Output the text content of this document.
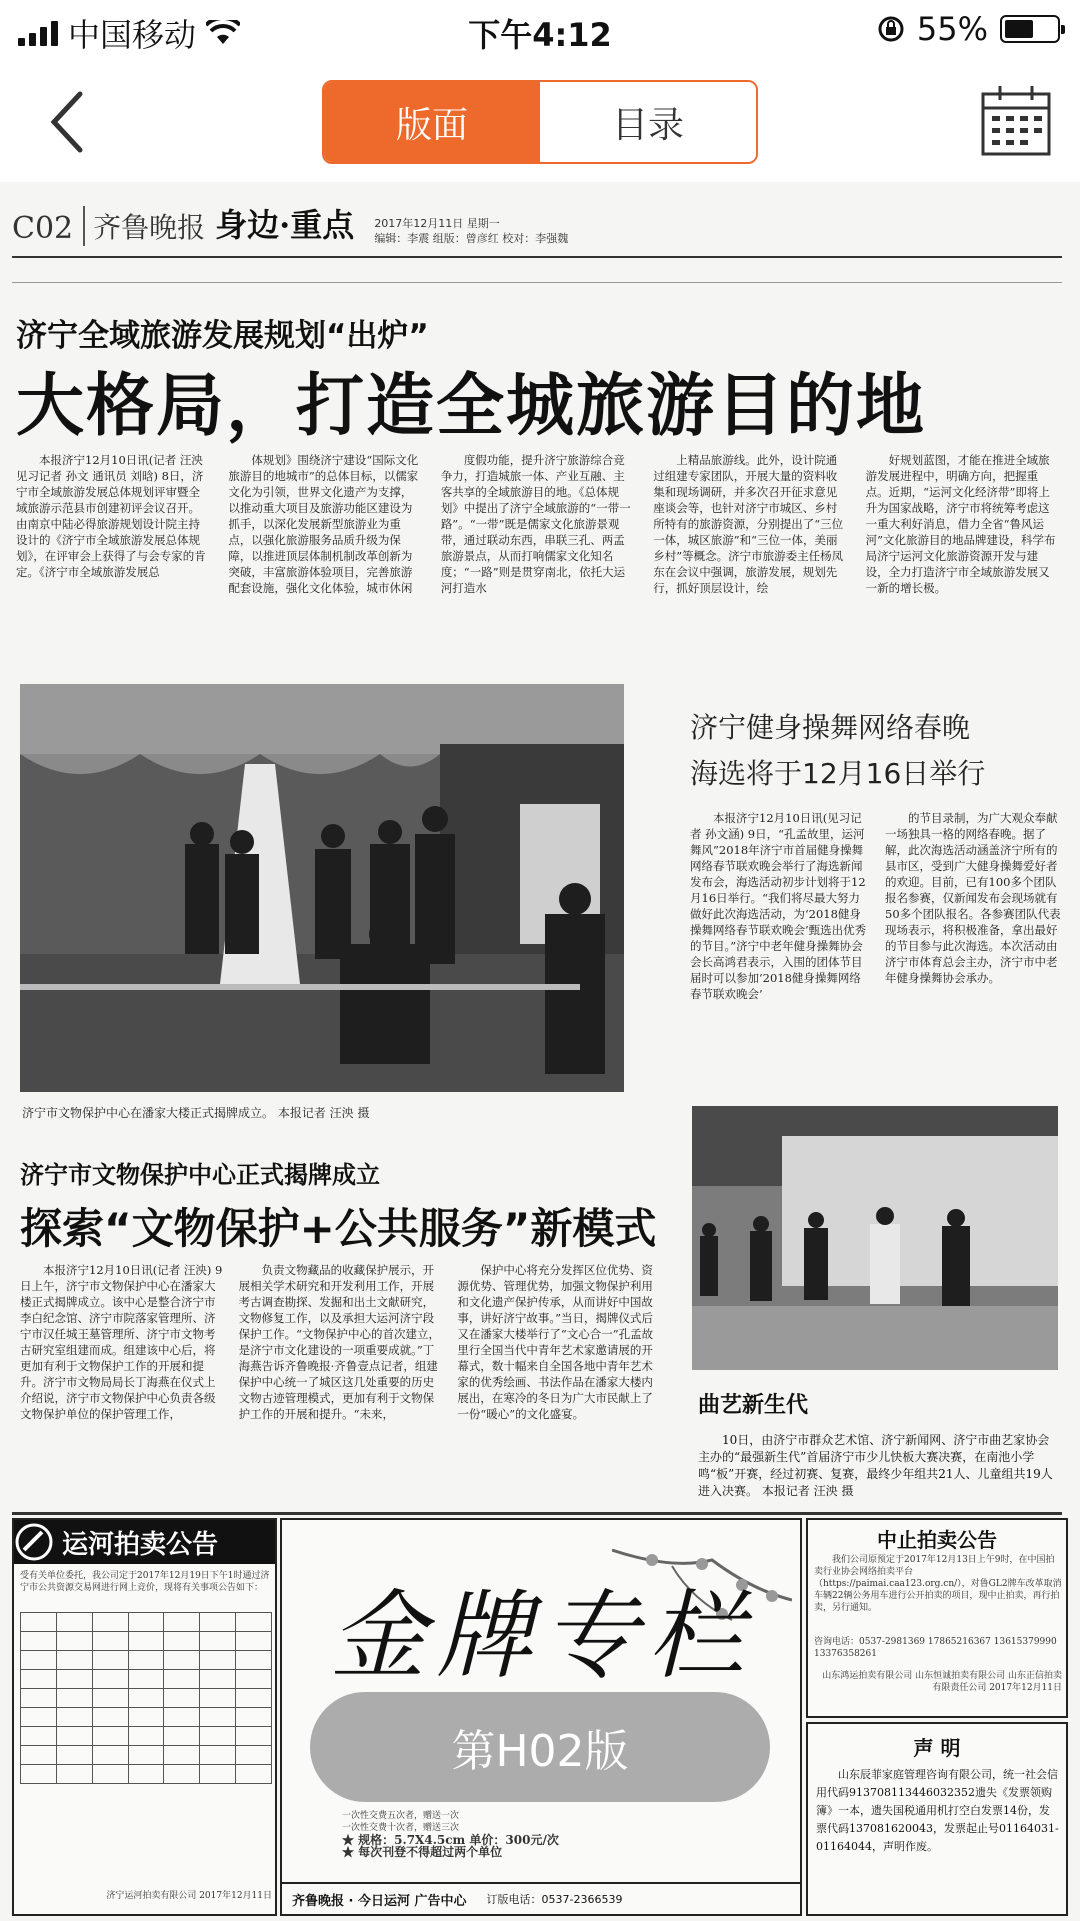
中国移动	下午4:12	55%
版面	目录
C02 齐鲁晚报 身边·重点 2017年12月11日 星期一
编辑：李震 组版：曾彦红 校对：李强魏
济宁全域旅游发展规划“出炉”
大格局，打造全城旅游目的地

本报济宁12月10日讯(记者 汪泱 见习记者 孙文 通讯员 刘晗) 8日，济宁市全域旅游发展总体规划评审暨全域旅游示范县市创建初评会议召开。由南京中陆必得旅游规划设计院主持设计的《济宁市全域旅游发展总体规划》，在评审会上获得了与会专家的肯定。《济宁市全域旅游发展总

体规划》围绕济宁建设“国际文化旅游目的地城市”的总体目标，以儒家文化为引领，世界文化遗产为支撑，以推动重大项目及旅游功能区建设为抓手，以深化发展新型旅游业为重点，以强化旅游服务品质升级为保障，以推进顶层体制机制改革创新为突破，丰富旅游体验项目，完善旅游配套设施，强化文化体验，城市休闲

度假功能，提升济宁旅游综合竞争力，打造城旅一体、产业互融、主客共享的全域旅游目的地。《总体规划》中提出了济宁全域旅游的“一带一路”。“一带”既是儒家文化旅游景观带，通过联动东西，串联三孔、两孟旅游景点，从而打响儒家文化知名度；“一路”则是贯穿南北，依托大运河打造水

上精品旅游线。此外，设计院通过组建专家团队，开展大量的资料收集和现场调研，并多次召开征求意见座谈会等，也针对济宁市城区、乡村所特有的旅游资源，分别提出了“三位一体，城区旅游”和“三位一体，美丽乡村”等概念。济宁市旅游委主任杨凤东在会议中强调，旅游发展，规划先行，抓好顶层设计，绘

好规划蓝图，才能在推进全域旅游发展进程中，明确方向，把握重点。近期，“运河文化经济带”即将上升为国家战略，济宁市将统筹考虑这一重大利好消息，借力全省“鲁风运河”文化旅游目的地品牌建设，科学布局济宁运河文化旅游资源开发与建设，全力打造济宁市全域旅游发展又一新的增长极。

济宁市文物保护中心在潘家大楼正式揭牌成立。 本报记者 汪泱 摄
济宁健身操舞网络春晚
海选将于12月16日举行

本报济宁12月10日讯(见习记者 孙文涵) 9日，“孔孟故里，运河舞风”2018年济宁市首届健身操舞网络春节联欢晚会举行了海选新闻发布会，海选活动初步计划将于12月16日举行。“我们将尽最大努力做好此次海选活动，为‘2018健身操舞网络春节联欢晚会’甄选出优秀的节目。”济宁中老年健身操舞协会会长高鸿君表示，入围的团体节目届时可以参加‘2018健身操舞网络春节联欢晚会’

的节目录制，为广大观众奉献一场独具一格的网络春晚。据了解，此次海选活动涵盖济宁所有的县市区，受到广大健身操舞爱好者的欢迎。目前，已有100多个团队报名参赛，仅新闻发布会现场就有50多个团队报名。各参赛团队代表现场表示，将积极准备，拿出最好的节目参与此次海选。本次活动由济宁市体育总会主办，济宁市中老年健身操舞协会承办。

济宁市文物保护中心正式揭牌成立
探索“文物保护+公共服务”新模式

本报济宁12月10日讯(记者 汪泱) 9日上午，济宁市文物保护中心在潘家大楼正式揭牌成立。该中心是整合济宁市李白纪念馆、济宁市院落家管理所、济宁市汉任城王墓管理所、济宁市文物考古研究室组建而成。组建该中心后，将更加有利于文物保护工作的开展和提升。济宁市文物局局长丁海燕在仪式上介绍说，济宁市文物保护中心负责各级文物保护单位的保护管理工作，

负责文物藏品的收藏保护展示，开展相关学术研究和开发利用工作，开展考古调查勘探、发掘和出土文献研究，文物修复工作，以及承担大运河济宁段保护工作。“文物保护中心的首次建立，是济宁市文化建设的一项重要成就。”丁海燕告诉齐鲁晚报·齐鲁壹点记者，组建保护中心统一了城区这几处重要的历史文物古迹管理模式，更加有利于文物保护工作的开展和提升。“未来，

保护中心将充分发挥区位优势、资源优势、管理优势，加强文物保护利用和文化遗产保护传承，从而讲好中国故事，讲好济宁故事。”当日，揭牌仪式后又在潘家大楼举行了“文心合一”孔孟故里行全国当代中青年艺术家邀请展的开幕式，数十幅来自全国各地中青年艺术家的优秀绘画、书法作品在潘家大楼内展出，在寒冷的冬日为广大市民献上了一份“暖心”的文化盛宴。	曲艺新生代
10日，由济宁市群众艺术馆、济宁新闻网、济宁市曲艺家协会主办的“最强新生代”首届济宁市少儿快板大赛决赛，在南池小学鸣“板”开赛，经过初赛、复赛，最终少年组共21人、儿童组共19人进入决赛。 本报记者 汪泱 摄
运河拍卖公告
受有关单位委托，我公司定于2017年12月19日下午1时通过济宁市公共资源交易网进行网上竞价，现将有关事项公告如下：

济宁运河拍卖有限公司 2017年12月11日
一次性交费五次者，赠送一次
一次性交费十次者，赠送三次
★ 规格：5.7X4.5cm 单价：300元/次
★ 每次刊登不得超过两个单位
齐鲁晚报 · 今日运河 广告中心 订版电话：0537-2366539
金牌专栏
中止拍卖公告
我们公司原预定于2017年12月13日上午9时，在中国拍卖行业协会网络拍卖平台（https://paimai.caa123.org.cn/），对鲁GL2牌车改革取消车辆22辆公务用车进行公开拍卖的项目，现中止拍卖，再行拍卖，另行通知。
咨询电话：0537-2981369 17865216367 13615379990 13376358261
山东鸿运拍卖有限公司 山东恒诚拍卖有限公司 山东正信拍卖有限责任公司 2017年12月11日
声 明
山东辰菲家庭管理咨询有限公司，统一社会信用代码913708113446032352遗失《发票领购簿》一本，遗失国税通用机打空白发票14份，发票代码137081620043，发票起止号01164031-01164044，声明作废。
第H02版
